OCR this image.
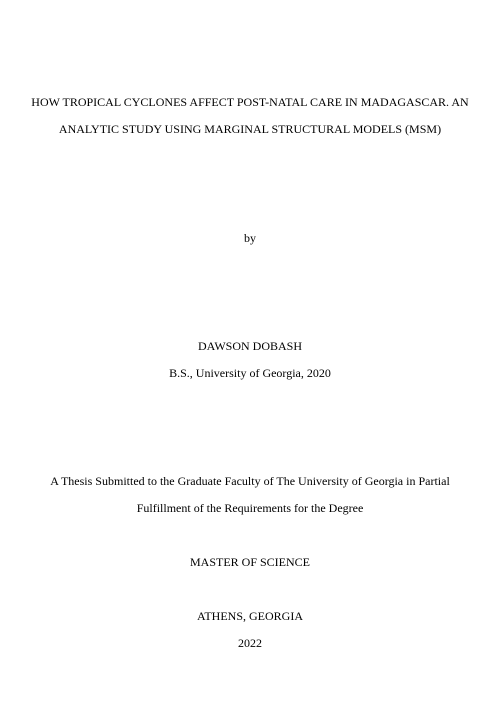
HOW TROPICAL CYCLONES AFFECT POST-NATAL CARE IN MADAGASCAR. AN
ANALYTIC STUDY USING MARGINAL STRUCTURAL MODELS (MSM)
by
DAWSON DOBASH
B.S., University of Georgia, 2020
A Thesis Submitted to the Graduate Faculty of The University of Georgia in Partial
Fulfillment of the Requirements for the Degree
MASTER OF SCIENCE
ATHENS, GEORGIA
2022
